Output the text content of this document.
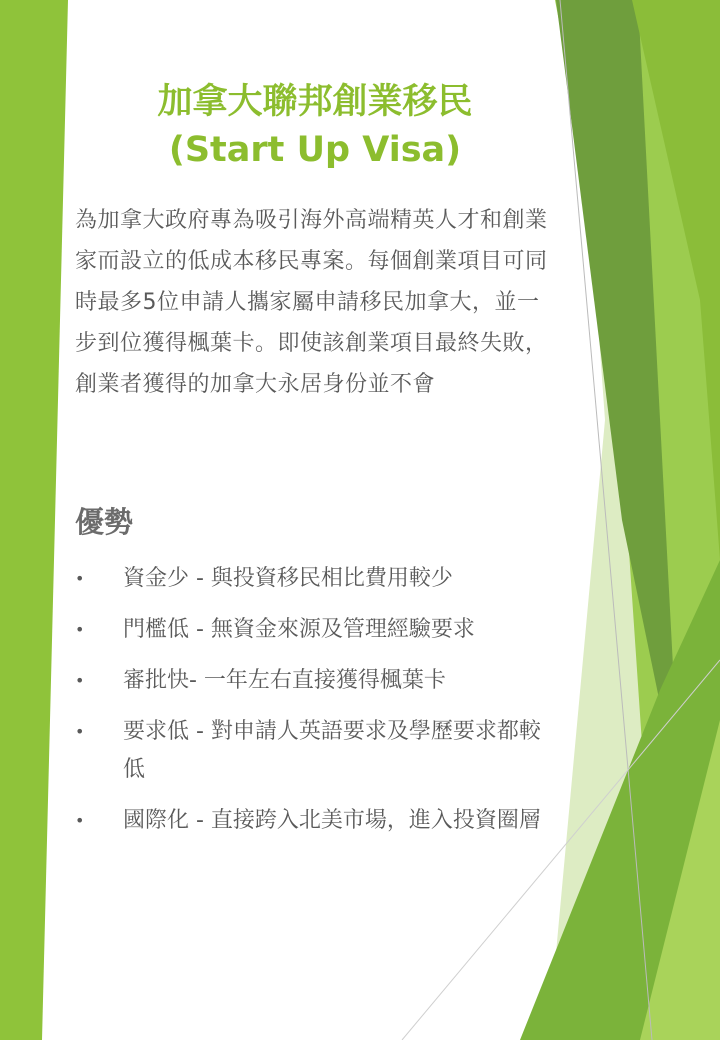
加拿大聯邦創業移民
(Start Up Visa)

為加拿大政府專為吸引海外高端精英人才和創業家而設立的低成本移民專案。每個創業項目可同時最多5位申請人攜家屬申請移民加拿大，並一步到位獲得楓葉卡。即使該創業項目最終失敗，創業者獲得的加拿大永居身份並不會

優勢
• 資金少 - 與投資移民相比費用較少
• 門檻低 - 無資金來源及管理經驗要求
• 審批快- 一年左右直接獲得楓葉卡
• 要求低 - 對申請人英語要求及學歷要求都較低
• 國際化 - 直接跨入北美市場，進入投資圈層
